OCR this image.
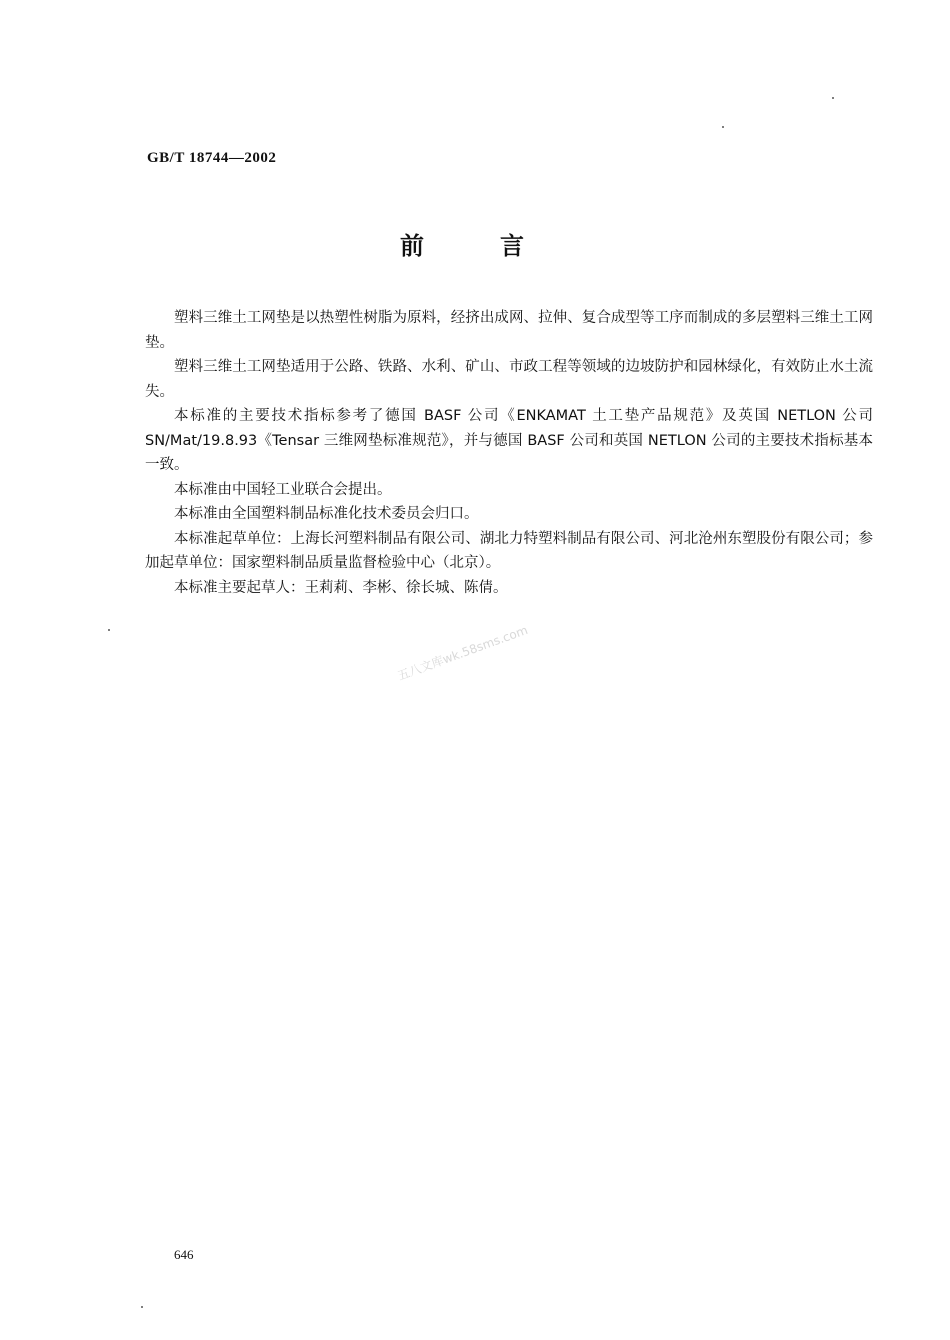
GB/T 18744—2002
前言

塑料三维土工网垫是以热塑性树脂为原料，经挤出成网、拉伸、复合成型等工序而制成的多层塑料三维土工网垫。

塑料三维土工网垫适用于公路、铁路、水利、矿山、市政工程等领域的边坡防护和园林绿化，有效防止水土流失。

本标准的主要技术指标参考了德国 BASF 公司《ENKAMAT 土工垫产品规范》及英国 NETLON 公司 SN/Mat/19.8.93《Tensar 三维网垫标准规范》，并与德国 BASF 公司和英国 NETLON 公司的主要技术指标基本一致。

本标准由中国轻工业联合会提出。

本标准由全国塑料制品标准化技术委员会归口。

本标准起草单位：上海长河塑料制品有限公司、湖北力特塑料制品有限公司、河北沧州东塑股份有限公司；参加起草单位：国家塑料制品质量监督检验中心（北京）。

本标准主要起草人：王莉莉、李彬、徐长城、陈倩。

五八文库wk.58sms.com
646
